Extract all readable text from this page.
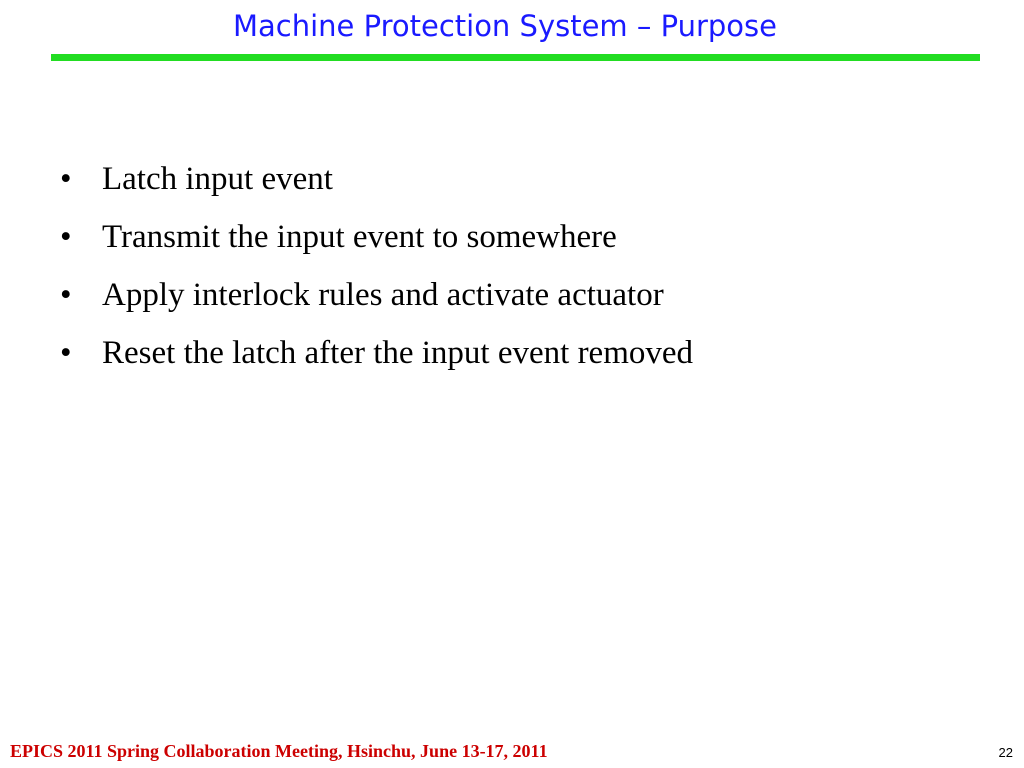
Machine Protection System – Purpose
• Latch input event
• Transmit the input event to somewhere
• Apply interlock rules and activate actuator
• Reset the latch after the input event removed
EPICS 2011 Spring Collaboration Meeting, Hsinchu, June 13-17, 2011	22
